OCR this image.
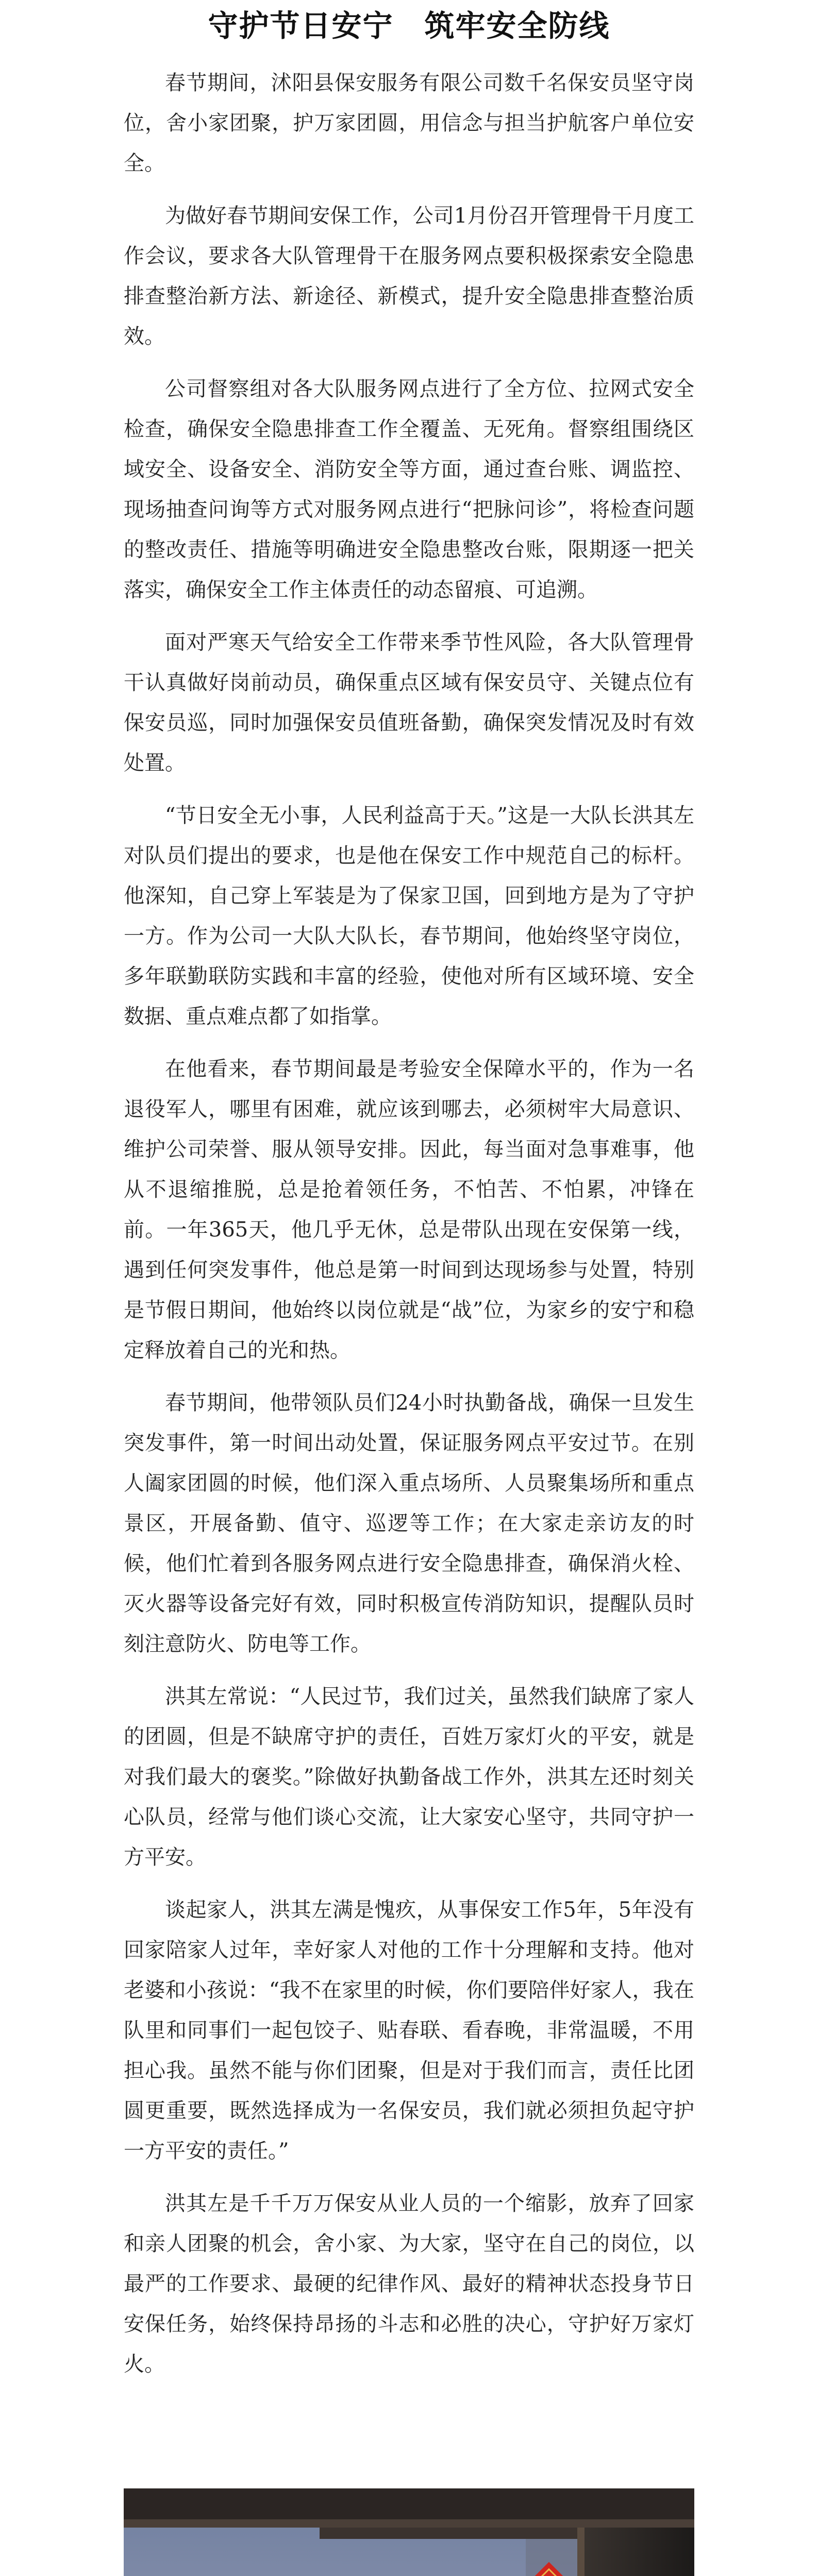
守护节日安宁　筑牢安全防线

春节期间，沭阳县保安服务有限公司数千名保安员坚守岗位，舍小家团聚，护万家团圆，用信念与担当护航客户单位安全。

为做好春节期间安保工作，公司1月份召开管理骨干月度工作会议，要求各大队管理骨干在服务网点要积极探索安全隐患排查整治新方法、新途径、新模式，提升安全隐患排查整治质效。

公司督察组对各大队服务网点进行了全方位、拉网式安全检查，确保安全隐患排查工作全覆盖、无死角。督察组围绕区域安全、设备安全、消防安全等方面，通过查台账、调监控、现场抽查问询等方式对服务网点进行“把脉问诊”，将检查问题的整改责任、措施等明确进安全隐患整改台账，限期逐一把关落实，确保安全工作主体责任的动态留痕、可追溯。

面对严寒天气给安全工作带来季节性风险，各大队管理骨干认真做好岗前动员，确保重点区域有保安员守、关键点位有保安员巡，同时加强保安员值班备勤，确保突发情况及时有效处置。

“节日安全无小事，人民利益高于天。”这是一大队长洪其左对队员们提出的要求，也是他在保安工作中规范自己的标杆。他深知，自己穿上军装是为了保家卫国，回到地方是为了守护一方。作为公司一大队大队长，春节期间，他始终坚守岗位，多年联勤联防实践和丰富的经验，使他对所有区域环境、安全数据、重点难点都了如指掌。

在他看来，春节期间最是考验安全保障水平的，作为一名退役军人，哪里有困难，就应该到哪去，必须树牢大局意识、维护公司荣誉、服从领导安排。因此，每当面对急事难事，他从不退缩推脱，总是抢着领任务，不怕苦、不怕累，冲锋在前。一年365天，他几乎无休，总是带队出现在安保第一线，遇到任何突发事件，他总是第一时间到达现场参与处置，特别是节假日期间，他始终以岗位就是“战”位，为家乡的安宁和稳定释放着自己的光和热。

春节期间，他带领队员们24小时执勤备战，确保一旦发生突发事件，第一时间出动处置，保证服务网点平安过节。在别人阖家团圆的时候，他们深入重点场所、人员聚集场所和重点景区，开展备勤、值守、巡逻等工作；在大家走亲访友的时候，他们忙着到各服务网点进行安全隐患排查，确保消火栓、灭火器等设备完好有效，同时积极宣传消防知识，提醒队员时刻注意防火、防电等工作。

洪其左常说：“人民过节，我们过关，虽然我们缺席了家人的团圆，但是不缺席守护的责任，百姓万家灯火的平安，就是对我们最大的褒奖。”除做好执勤备战工作外，洪其左还时刻关心队员，经常与他们谈心交流，让大家安心坚守，共同守护一方平安。

谈起家人，洪其左满是愧疚，从事保安工作5年，5年没有回家陪家人过年，幸好家人对他的工作十分理解和支持。他对老婆和小孩说：“我不在家里的时候，你们要陪伴好家人，我在队里和同事们一起包饺子、贴春联、看春晚，非常温暖，不用担心我。虽然不能与你们团聚，但是对于我们而言，责任比团圆更重要，既然选择成为一名保安员，我们就必须担负起守护一方平安的责任。”

洪其左是千千万万保安从业人员的一个缩影，放弃了回家和亲人团聚的机会，舍小家、为大家，坚守在自己的岗位，以最严的工作要求、最硬的纪律作风、最好的精神状态投身节日安保任务，始终保持昂扬的斗志和必胜的决心，守护好万家灯火。
